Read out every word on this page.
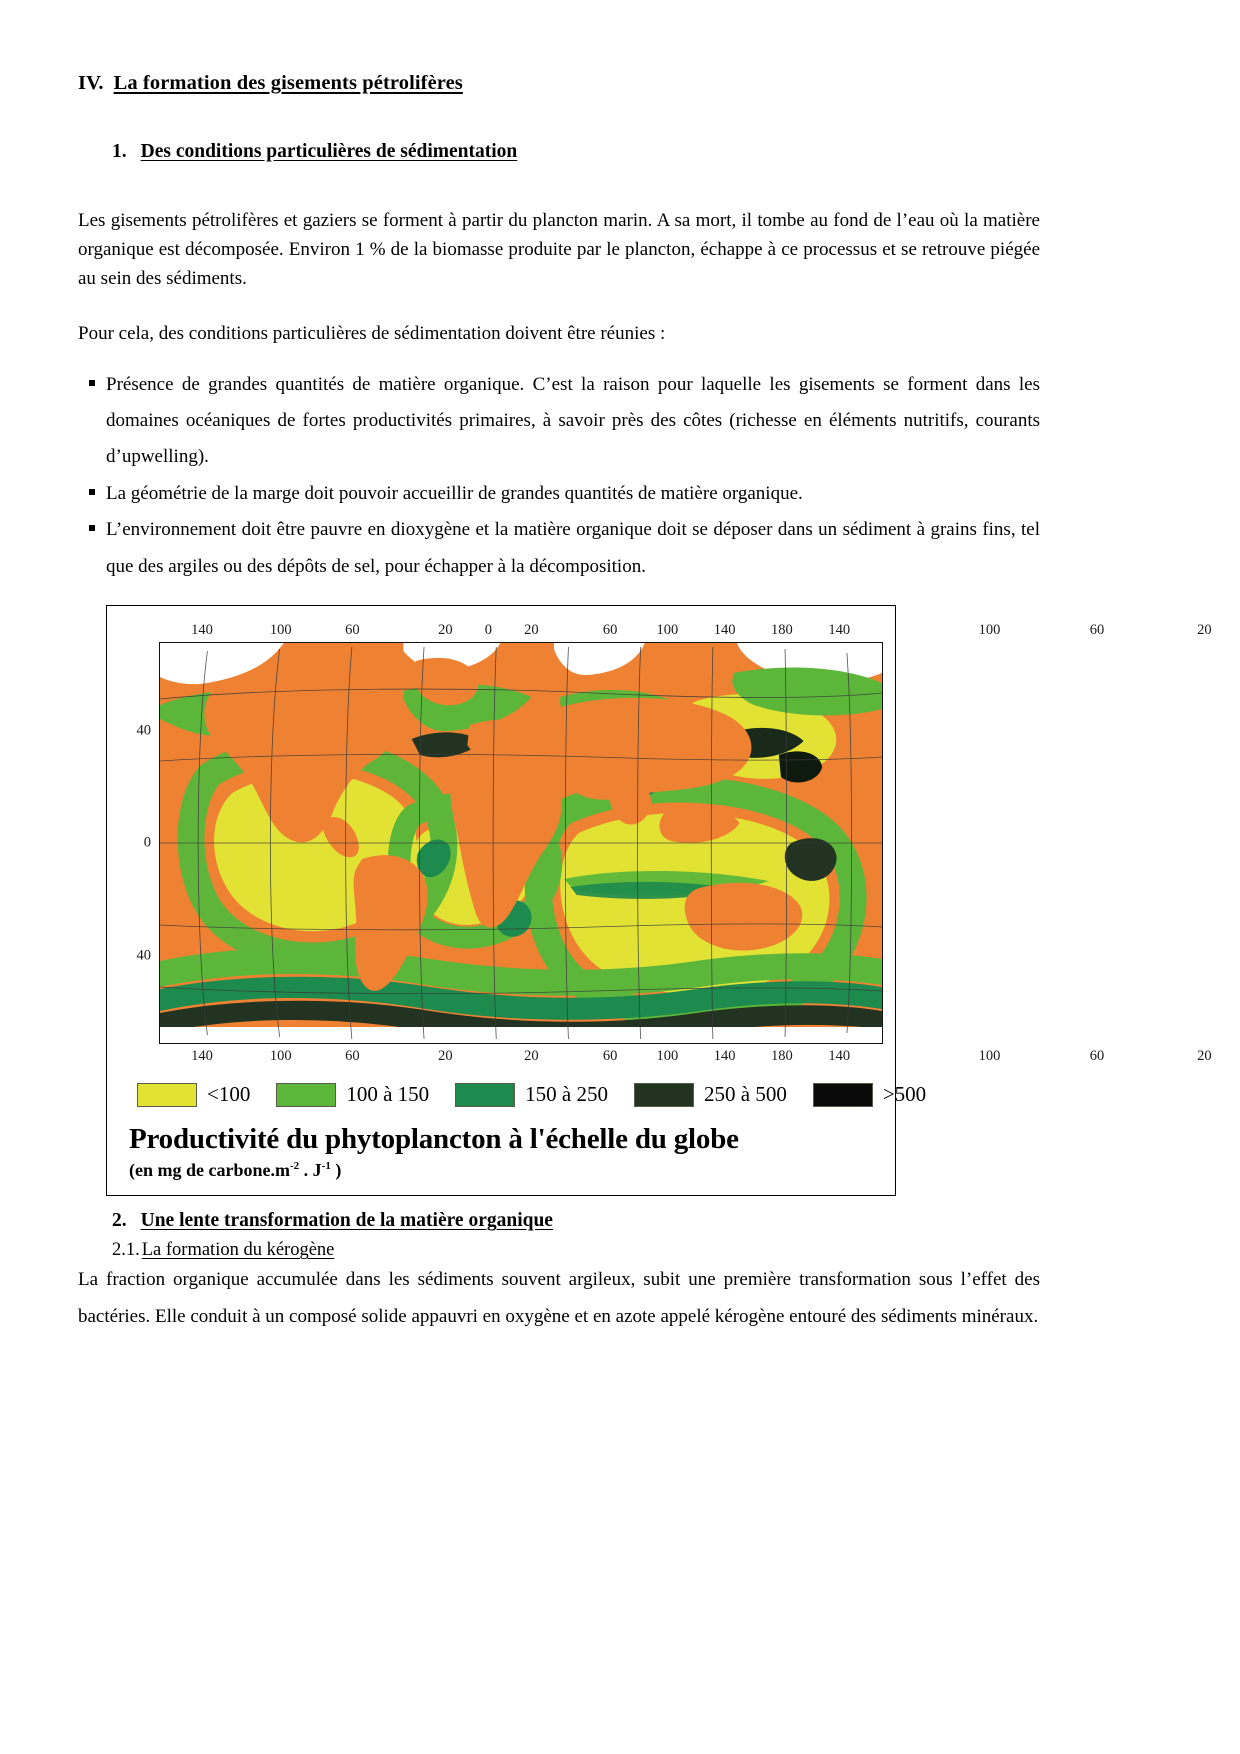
IV. La formation des gisements pétrolifères
1. Des conditions particulières de sédimentation

Les gisements pétrolifères et gaziers se forment à partir du plancton marin. A sa mort, il tombe au fond de l’eau où la matière organique est décomposée. Environ 1 % de la biomasse produite par le plancton, échappe à ce processus et se retrouve piégée au sein des sédiments.

Pour cela, des conditions particulières de sédimentation doivent être réunies :

Présence de grandes quantités de matière organique. C’est la raison pour laquelle les gisements se forment dans les domaines océaniques de fortes productivités primaires, à savoir près des côtes (richesse en éléments nutritifs, courants d’upwelling).
La géométrie de la marge doit pouvoir accueillir de grandes quantités de matière organique.
L’environnement doit être pauvre en dioxygène et la matière organique doit se déposer dans un sédiment à grains fins, tel que des argiles ou des dépôts de sel, pour échapper à la décomposition.
140	100	60	20 0 20	60	100 140 180 140	100	60	20
40
0
40
140	100	60	20	20	60	100 140 180 140	100	60	20
<100	100 à 150	150 à 250	250 à 500	>500
Productivité du phytoplancton à l'échelle du globe
(en mg de $carbone.m^{-2}$ . $J^{-1}$ )
2. Une lente transformation de la matière organique
2.1. La formation du kérogène

La fraction organique accumulée dans les sédiments souvent argileux, subit une première transformation sous l’effet des bactéries. Elle conduit à un composé solide appauvri en oxygène et en azote appelé kérogène entouré des sédiments minéraux.
